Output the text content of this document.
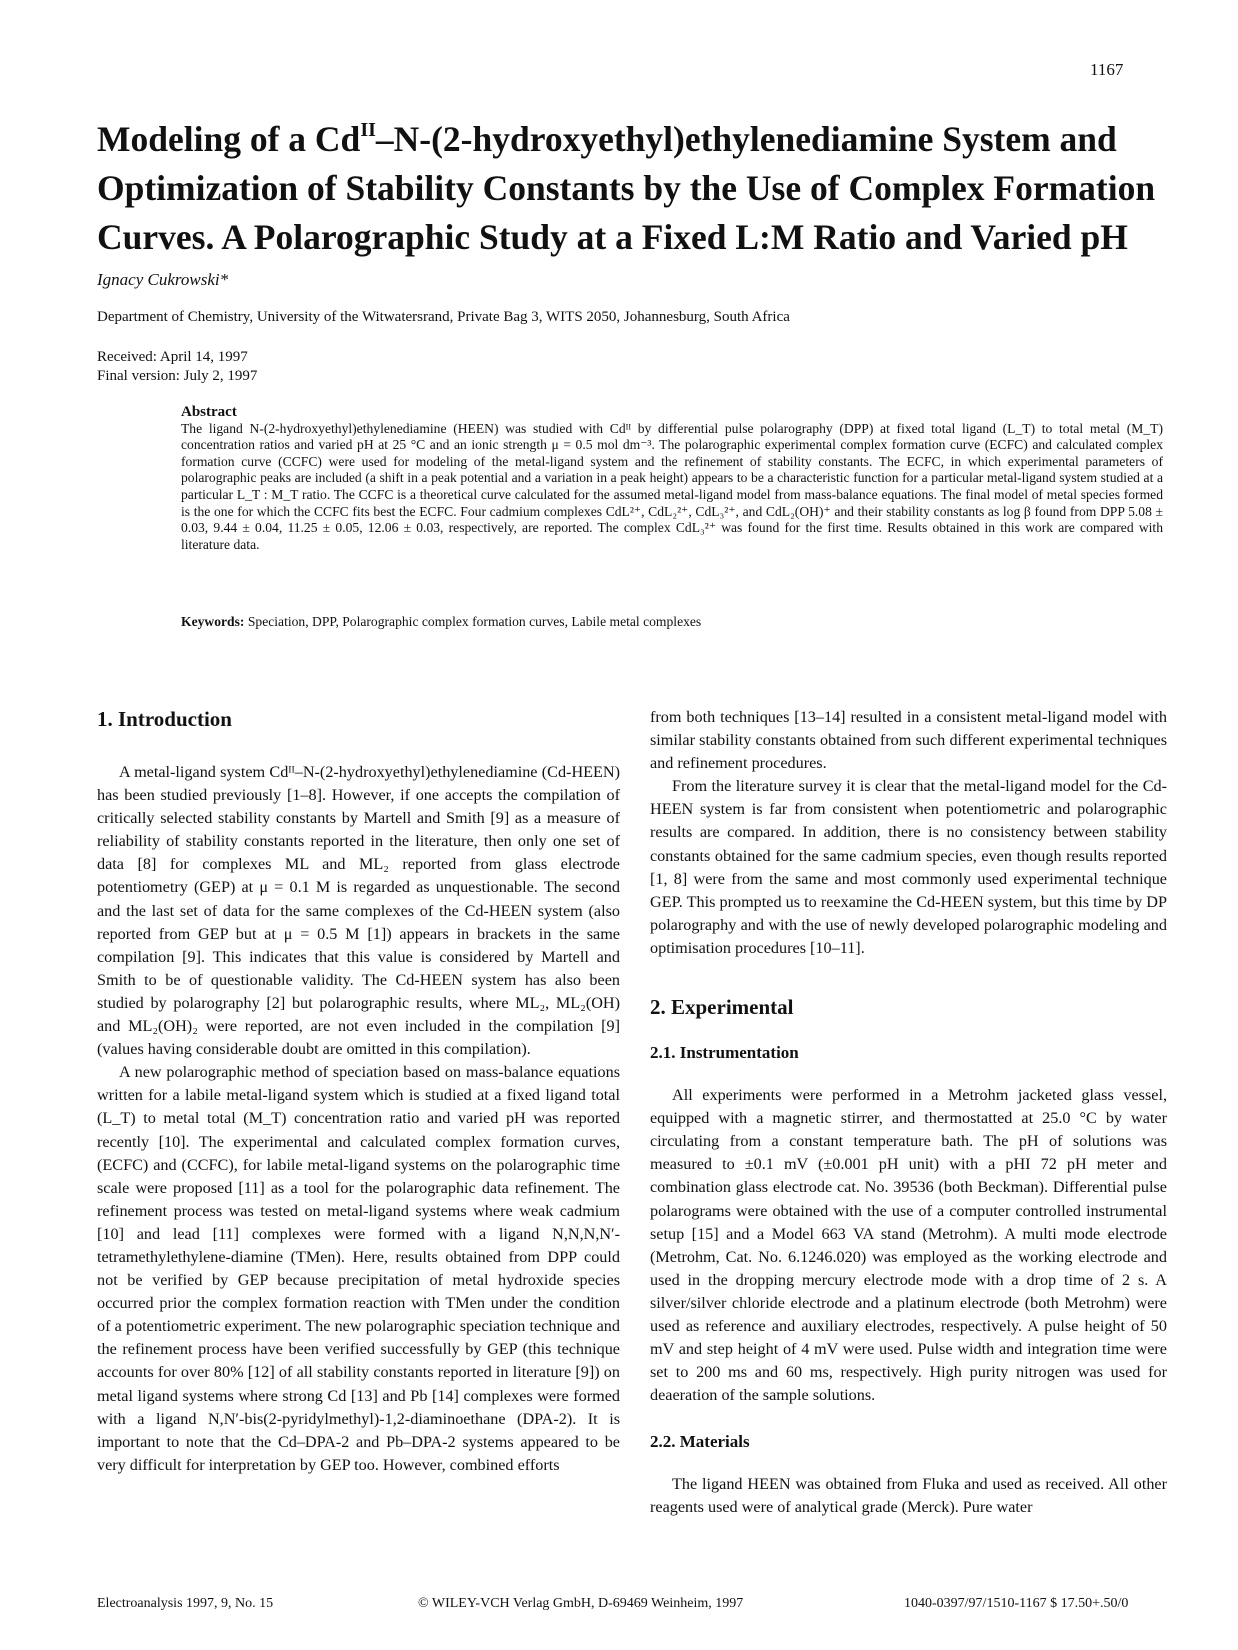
1167
Modeling of a $Cd^{II}-N-(2-hydroxyethyl)ethylenediamine$ System and Optimization of Stability Constants by the Use of Complex Formation Curves. A Polarographic Study at a Fixed L:M Ratio and Varied pH
Ignacy Cukrowski*
Department of Chemistry, University of the Witwatersrand, Private Bag 3, WITS 2050, Johannesburg, South Africa
Received: April 14, 1997
Final version: July 2, 1997
Abstract
The ligand N-(2-hydroxyethyl)ethylenediamine (HEEN) was studied with Cdᴵᴵ by differential pulse polarography (DPP) at fixed total ligand (L_T) to total metal (M_T) concentration ratios and varied pH at 25 °C and an ionic strength μ = 0.5 mol dm⁻³. The polarographic experimental complex formation curve (ECFC) and calculated complex formation curve (CCFC) were used for modeling of the metal-ligand system and the refinement of stability constants. The ECFC, in which experimental parameters of polarographic peaks are included (a shift in a peak potential and a variation in a peak height) appears to be a characteristic function for a particular metal-ligand system studied at a particular L_T : M_T ratio. The CCFC is a theoretical curve calculated for the assumed metal-ligand model from mass-balance equations. The final model of metal species formed is the one for which the CCFC fits best the ECFC. Four cadmium complexes CdL²⁺, CdL₂²⁺, CdL₃²⁺, and CdL₂(OH)⁺ and their stability constants as log β found from DPP 5.08 ± 0.03, 9.44 ± 0.04, 11.25 ± 0.05, 12.06 ± 0.03, respectively, are reported. The complex CdL₃²⁺ was found for the first time. Results obtained in this work are compared with literature data.
Keywords: Speciation, DPP, Polarographic complex formation curves, Labile metal complexes
1. Introduction

A metal-ligand system Cdᴵᴵ–N-(2-hydroxyethyl)ethylenediamine (Cd-HEEN) has been studied previously [1–8]. However, if one accepts the compilation of critically selected stability constants by Martell and Smith [9] as a measure of reliability of stability constants reported in the literature, then only one set of data [8] for complexes ML and ML₂ reported from glass electrode potentiometry (GEP) at μ = 0.1 M is regarded as unquestionable. The second and the last set of data for the same complexes of the Cd-HEEN system (also reported from GEP but at μ = 0.5 M [1]) appears in brackets in the same compilation [9]. This indicates that this value is considered by Martell and Smith to be of questionable validity. The Cd-HEEN system has also been studied by polarography [2] but polarographic results, where ML₂, ML₂(OH) and ML₂(OH)₂ were reported, are not even included in the compilation [9] (values having considerable doubt are omitted in this compilation).

A new polarographic method of speciation based on mass-balance equations written for a labile metal-ligand system which is studied at a fixed ligand total (L_T) to metal total (M_T) concentration ratio and varied pH was reported recently [10]. The experimental and calculated complex formation curves, (ECFC) and (CCFC), for labile metal-ligand systems on the polarographic time scale were proposed [11] as a tool for the polarographic data refinement. The refinement process was tested on metal-ligand systems where weak cadmium [10] and lead [11] complexes were formed with a ligand N,N,N,N′-tetramethylethylene-diamine (TMen). Here, results obtained from DPP could not be verified by GEP because precipitation of metal hydroxide species occurred prior the complex formation reaction with TMen under the condition of a potentiometric experiment. The new polarographic speciation technique and the refinement process have been verified successfully by GEP (this technique accounts for over 80% [12] of all stability constants reported in literature [9]) on metal ligand systems where strong Cd [13] and Pb [14] complexes were formed with a ligand N,N′-bis(2-pyridylmethyl)-1,2-diaminoethane (DPA-2). It is important to note that the Cd–DPA-2 and Pb–DPA-2 systems appeared to be very difficult for interpretation by GEP too. However, combined efforts

from both techniques [13–14] resulted in a consistent metal-ligand model with similar stability constants obtained from such different experimental techniques and refinement procedures.

From the literature survey it is clear that the metal-ligand model for the Cd-HEEN system is far from consistent when potentiometric and polarographic results are compared. In addition, there is no consistency between stability constants obtained for the same cadmium species, even though results reported [1, 8] were from the same and most commonly used experimental technique GEP. This prompted us to reexamine the Cd-HEEN system, but this time by DP polarography and with the use of newly developed polarographic modeling and optimisation procedures [10–11].

2. Experimental
2.1. Instrumentation

All experiments were performed in a Metrohm jacketed glass vessel, equipped with a magnetic stirrer, and thermostatted at 25.0 °C by water circulating from a constant temperature bath. The pH of solutions was measured to ±0.1 mV (±0.001 pH unit) with a pHI 72 pH meter and combination glass electrode cat. No. 39536 (both Beckman). Differential pulse polarograms were obtained with the use of a computer controlled instrumental setup [15] and a Model 663 VA stand (Metrohm). A multi mode electrode (Metrohm, Cat. No. 6.1246.020) was employed as the working electrode and used in the dropping mercury electrode mode with a drop time of 2 s. A silver/silver chloride electrode and a platinum electrode (both Metrohm) were used as reference and auxiliary electrodes, respectively. A pulse height of 50 mV and step height of 4 mV were used. Pulse width and integration time were set to 200 ms and 60 ms, respectively. High purity nitrogen was used for deaeration of the sample solutions.

2.2. Materials

The ligand HEEN was obtained from Fluka and used as received. All other reagents used were of analytical grade (Merck). Pure water

Electroanalysis 1997, 9, No. 15	© WILEY-VCH Verlag GmbH, D-69469 Weinheim, 1997	1040-0397/97/1510-1167 $ 17.50+.50/0
